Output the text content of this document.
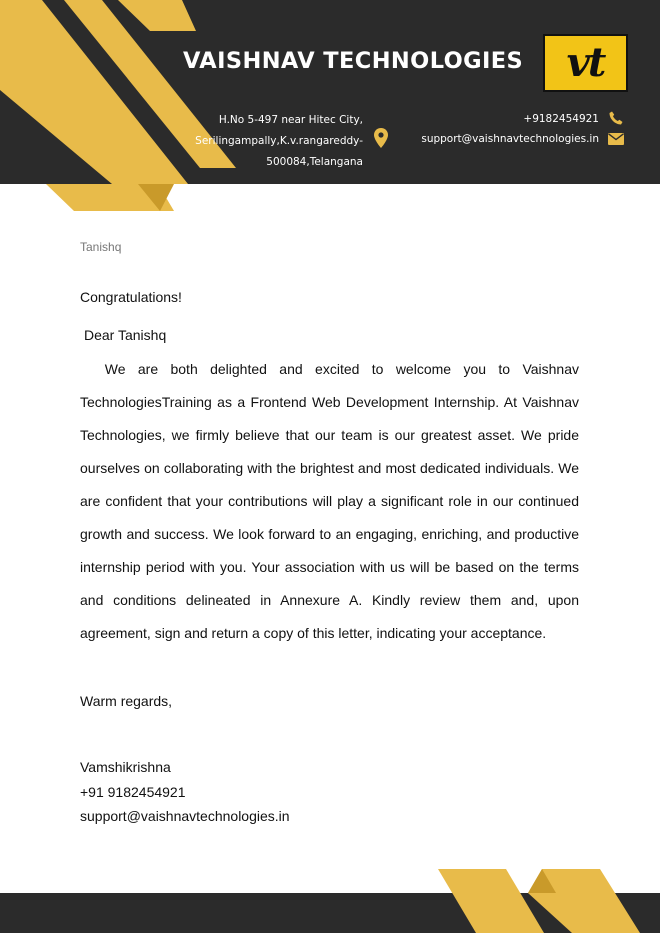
VAISHNAV TECHNOLOGIES vt
H.No 5-497 near Hitec City,
Serilingampally,K.v.rangareddy-
500084,Telangana
+9182454921
support@vaishnavtechnologies.in
Tanishq
Congratulations!
Dear Tanishq
We are both delighted and excited to welcome you to Vaishnav TechnologiesTraining as a Frontend Web Development Internship. At Vaishnav Technologies, we firmly believe that our team is our greatest asset. We pride ourselves on collaborating with the brightest and most dedicated individuals. We are confident that your contributions will play a significant role in our continued growth and success. We look forward to an engaging, enriching, and productive internship period with you. Your association with us will be based on the terms and conditions delineated in Annexure A. Kindly review them and, upon agreement, sign and return a copy of this letter, indicating your acceptance.
Warm regards,
Vamshikrishna
+91 9182454921
support@vaishnavtechnologies.in
